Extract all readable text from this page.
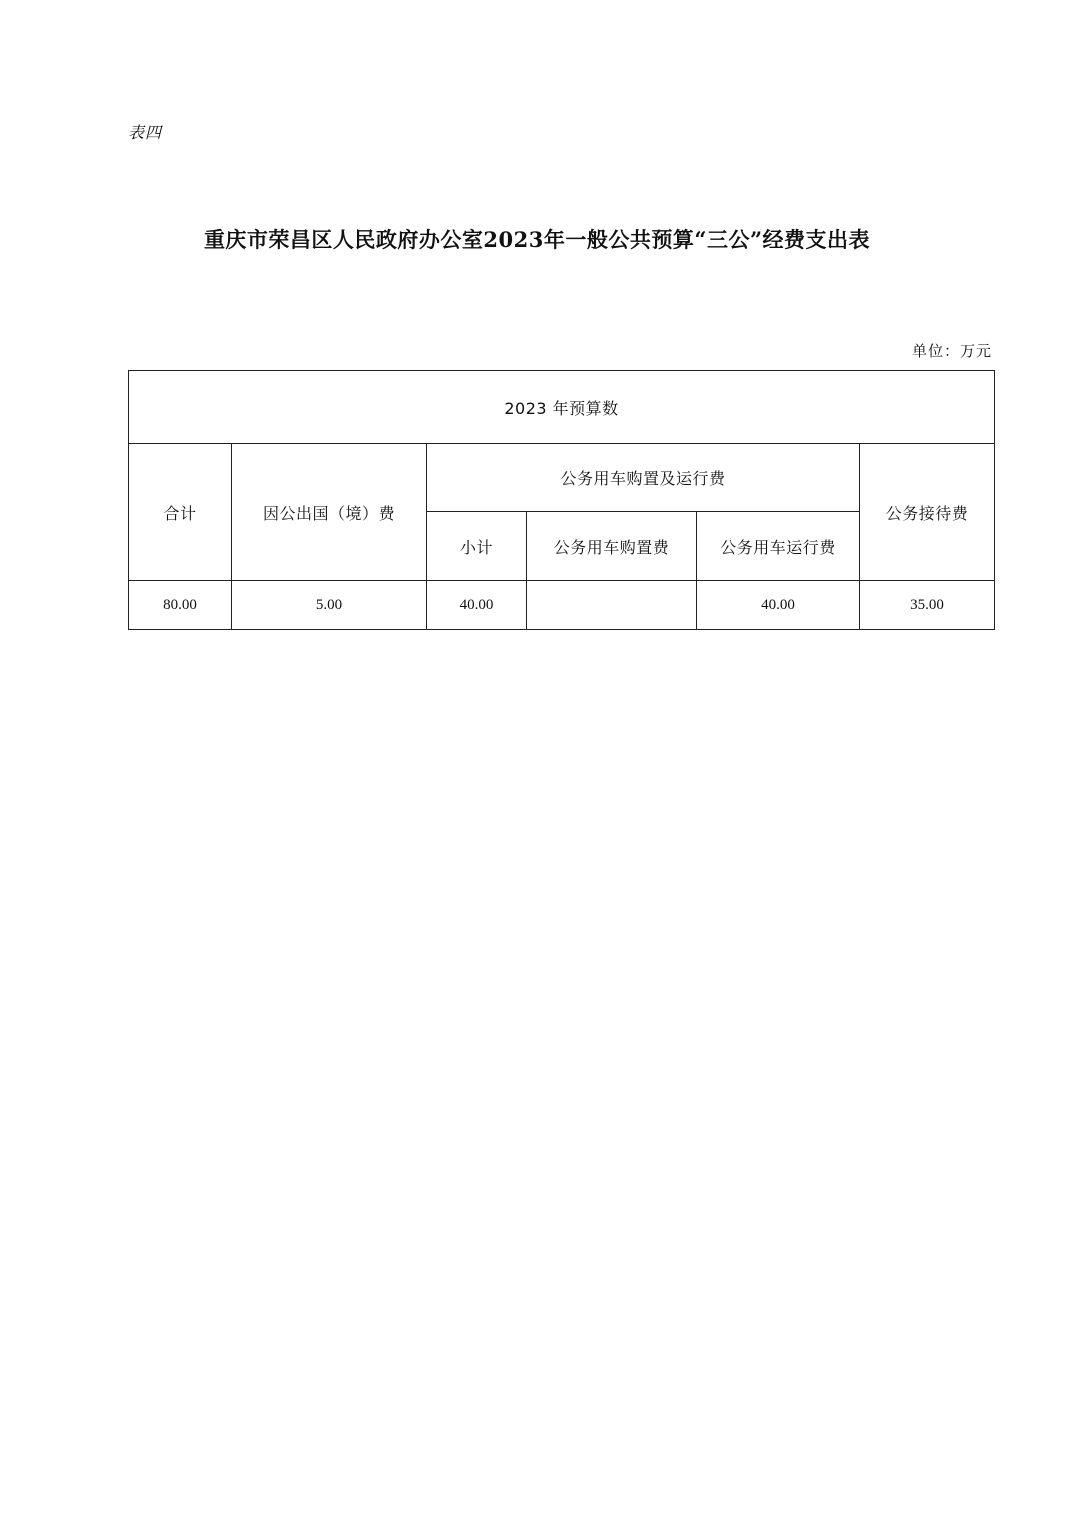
表四
重庆市荣昌区人民政府办公室2023年一般公共预算“三公”经费支出表
单位：万元
2023 年预算数					
合计	因公出国（境）费	公务用车购置及运行费			公务接待费
		小计	公务用车购置费	公务用车运行费	
80.00	5.00	40.00		40.00	35.00
